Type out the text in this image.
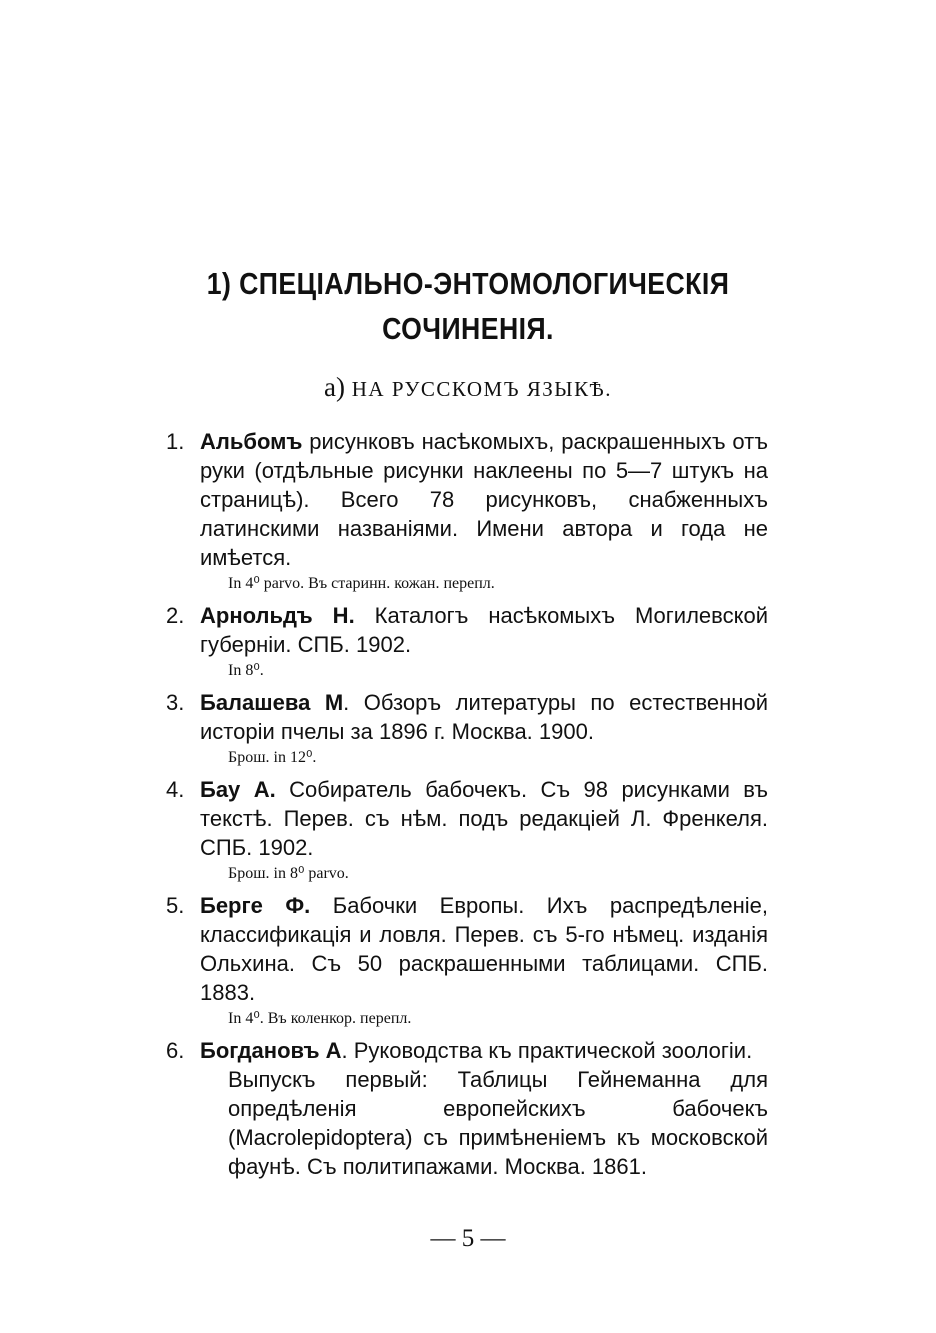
1) СПЕЦІАЛЬНО-ЭНТОМОЛОГИЧЕСКІЯ
СОЧИНЕНІЯ.
а) НА РУССКОМЪ ЯЗЫКѢ.
1. Альбомъ рисунковъ насѣкомыхъ, раскрашенныхъ отъ руки (отдѣльные рисунки наклеены по 5—7 штукъ на страницѣ). Всего 78 рисунковъ, снабженныхъ латинскими названіями. Имени автора и года не имѣется.
In 4⁰ parvo. Въ старинн. кожан. перепл.
2. Арнольдъ Н. Каталогъ насѣкомыхъ Могилевской губерніи. СПБ. 1902.
In 8⁰.
3. Балашева М. Обзоръ литературы по естественной исторіи пчелы за 1896 г. Москва. 1900.
Брош. in 12⁰.
4. Бау А. Собиратель бабочекъ. Съ 98 рисунками въ текстѣ. Перев. съ нѣм. подъ редакціей Л. Френкеля. СПБ. 1902.
Брош. in 8⁰ parvo.
5. Берге Ф. Бабочки Европы. Ихъ распредѣленіе, классификація и ловля. Перев. съ 5-го нѣмец. изданія Ольхина. Съ 50 раскрашенными таблицами. СПБ. 1883.
In 4⁰. Въ коленкор. перепл.
6. Богдановъ А. Руководства къ практической зоологіи.
Выпускъ первый: Таблицы Гейнеманна для опредѣленія европейскихъ бабочекъ (Macrolepidoptera) съ примѣненіемъ къ московской фаунѣ. Съ политипажами. Москва. 1861.
— 5 —
